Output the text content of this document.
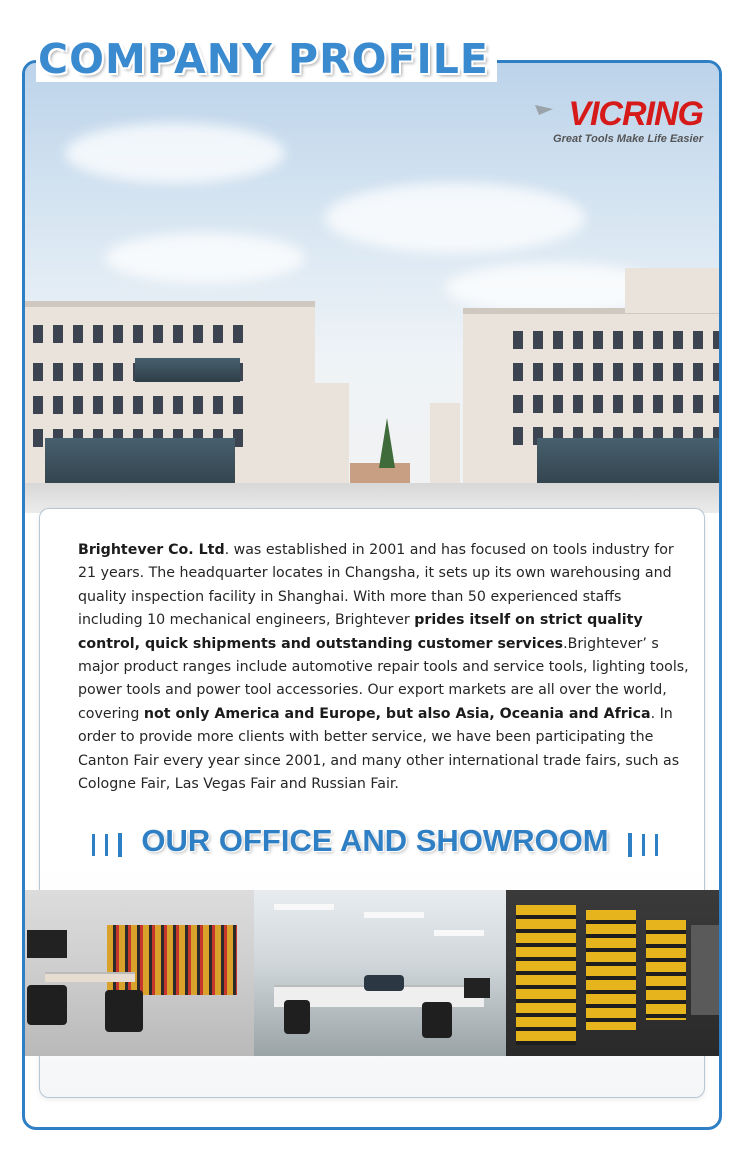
COMPANY PROFILE
VICRING
Great Tools Make Life Easier

Brightever Co. Ltd. was established in 2001 and has focused on tools industry for 21 years. The headquarter locates in Changsha, it sets up its own warehousing and quality inspection facility in Shanghai. With more than 50 experienced staffs including 10 mechanical engineers, Brightever prides itself on strict quality control, quick shipments and outstanding customer services.Brightever’ s major product ranges include automotive repair tools and service tools, lighting tools, power tools and power tool accessories. Our export markets are all over the world, covering not only America and Europe, but also Asia, Oceania and Africa. In order to provide more clients with better service, we have been participating the Canton Fair every year since 2001, and many other international trade fairs, such as Cologne Fair, Las Vegas Fair and Russian Fair.

OUR OFFICE AND SHOWROOM
